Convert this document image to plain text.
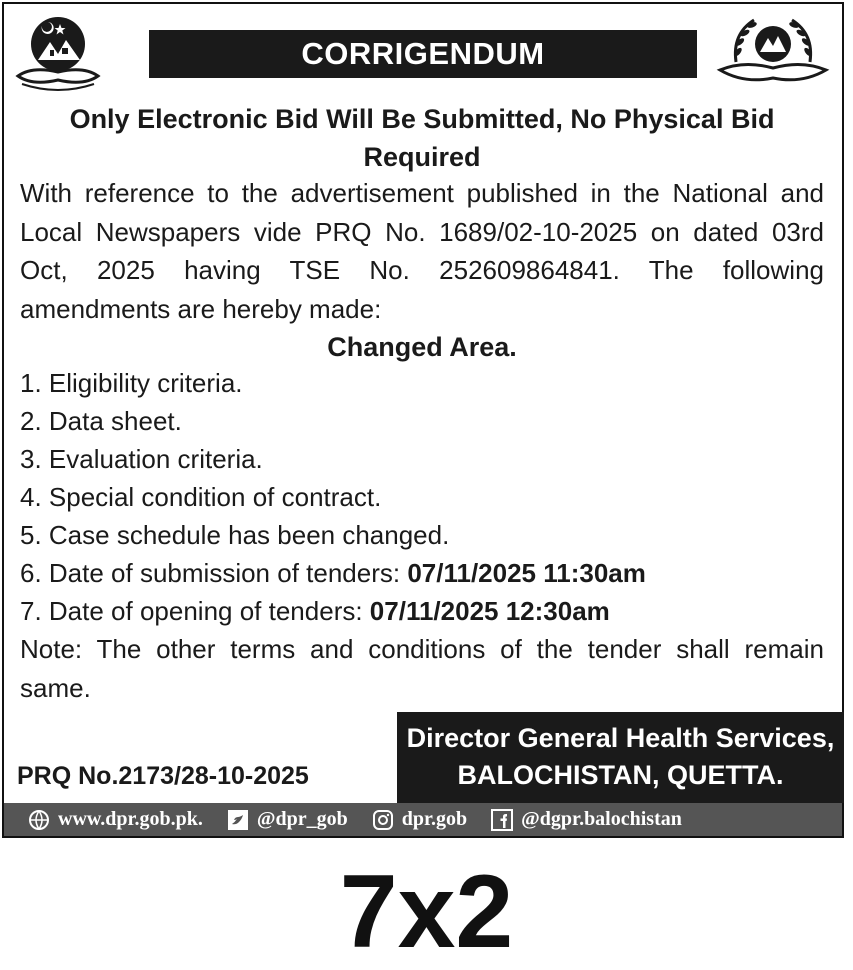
CORRIGENDUM
Only Electronic Bid Will Be Submitted, No Physical Bid Required
With reference to the advertisement published in the National and Local Newspapers vide PRQ No. 1689/02-10-2025 on dated 03rd Oct, 2025 having TSE No. 252609864841. The following amendments are hereby made:
Changed Area.
1. Eligibility criteria.
2. Data sheet.
3. Evaluation criteria.
4. Special condition of contract.
5. Case schedule has been changed.
6. Date of submission of tenders: 07/11/2025 11:30am
7. Date of opening of tenders: 07/11/2025 12:30am
Note: The other terms and conditions of the tender shall remain same.
PRQ No.2173/28-10-2025
Director General Health Services,
BALOCHISTAN, QUETTA.
www.dpr.gob.pk.	@dpr_gob	dpr.gob	@dgpr.balochistan
7x2
